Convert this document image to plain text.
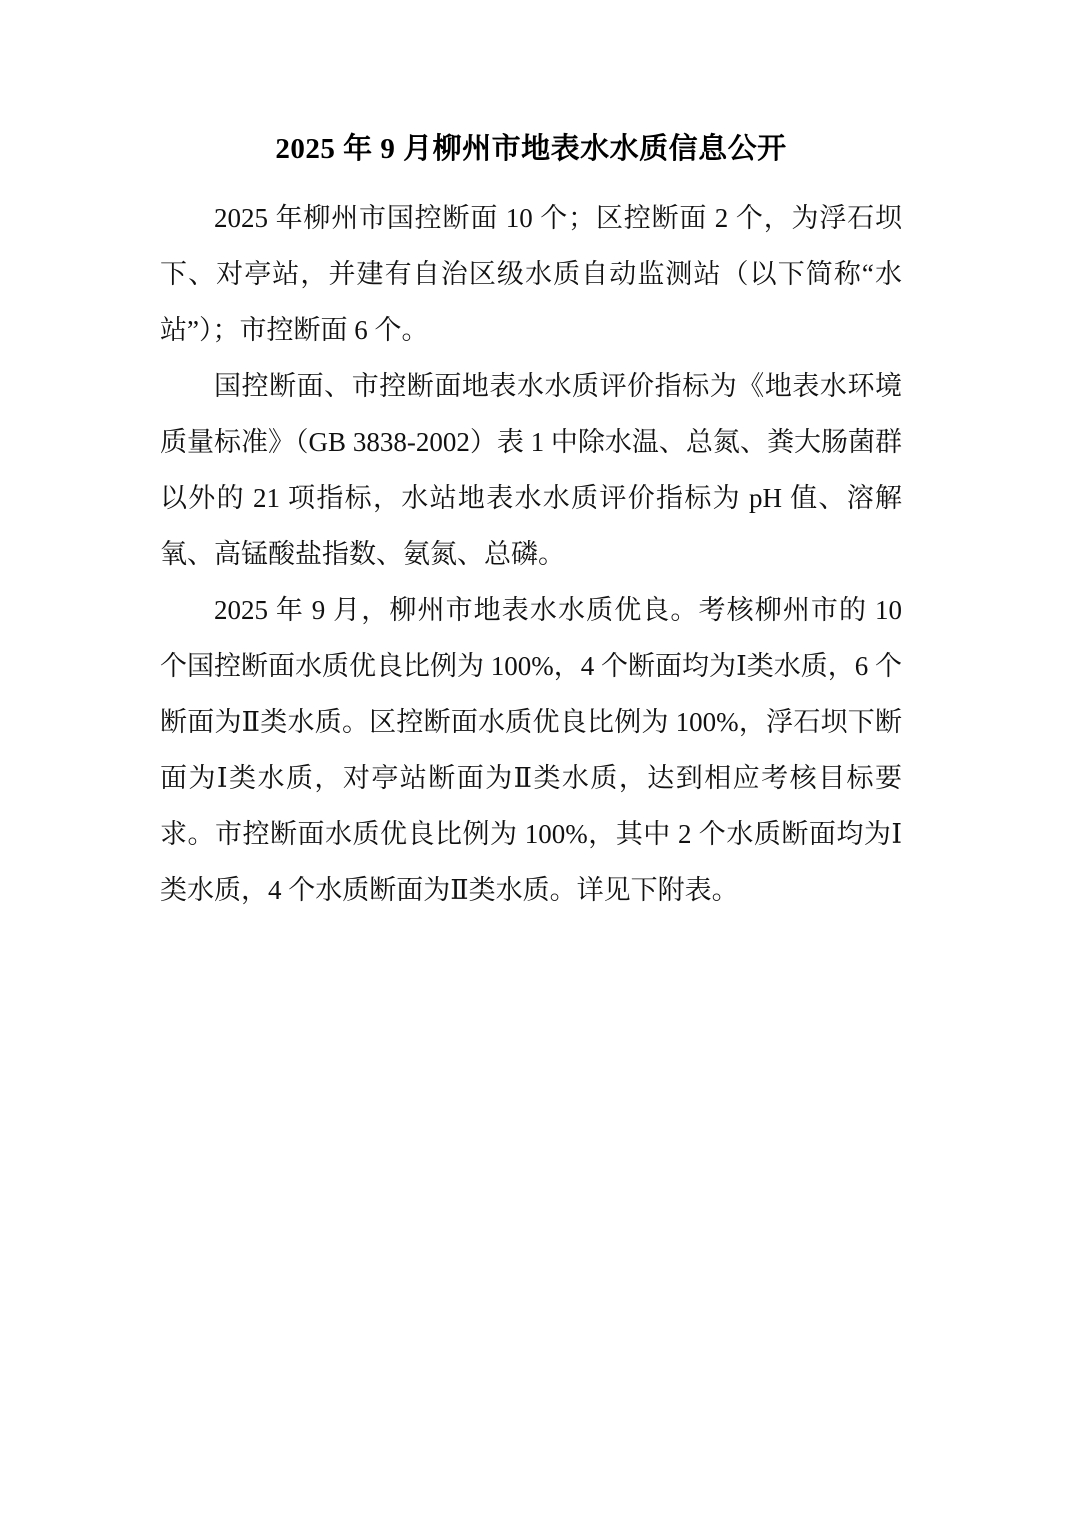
2025 年 9 月柳州市地表水水质信息公开

2025 年柳州市国控断面 10 个；区控断面 2 个，为浮石坝下、对亭站，并建有自治区级水质自动监测站（以下简称“水站”）；市控断面 6 个。

国控断面、市控断面地表水水质评价指标为《地表水环境质量标准》（GB 3838-2002）表 1 中除水温、总氮、粪大肠菌群以外的 21 项指标，水站地表水水质评价指标为 pH 值、溶解氧、高锰酸盐指数、氨氮、总磷。

2025 年 9 月，柳州市地表水水质优良。考核柳州市的 10 个国控断面水质优良比例为 100%，4 个断面均为Ⅰ类水质，6 个断面为Ⅱ类水质。区控断面水质优良比例为 100%，浮石坝下断面为Ⅰ类水质，对亭站断面为Ⅱ类水质，达到相应考核目标要求。市控断面水质优良比例为 100%，其中 2 个水质断面均为Ⅰ类水质，4 个水质断面为Ⅱ类水质。详见下附表。
